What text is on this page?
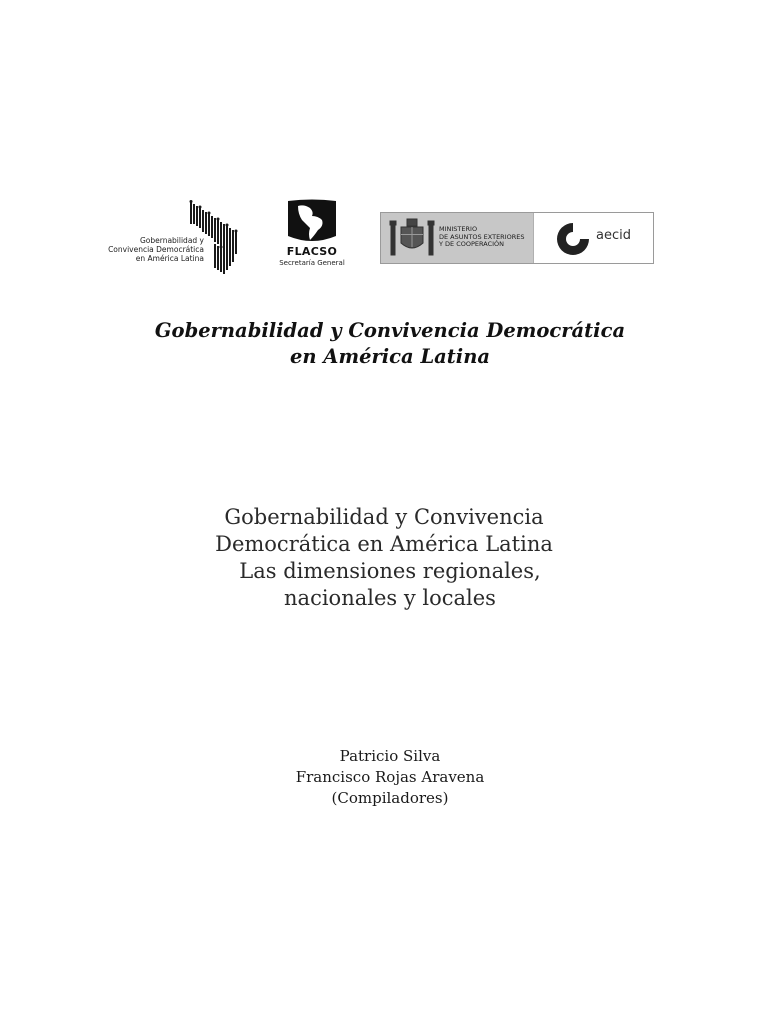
Gobernabilidad y
Convivencia Democrática
en América Latina
FLACSO
Secretaría General
MINISTERIO
DE ASUNTOS EXTERIORES
Y DE COOPERACIÓN
aecid
Gobernabilidad y Convivencia Democrática
en América Latina
Gobernabilidad y Convivencia
Democrática en América Latina
Las dimensiones regionales,
nacionales y locales
Patricio Silva
Francisco Rojas Aravena
(Compiladores)
